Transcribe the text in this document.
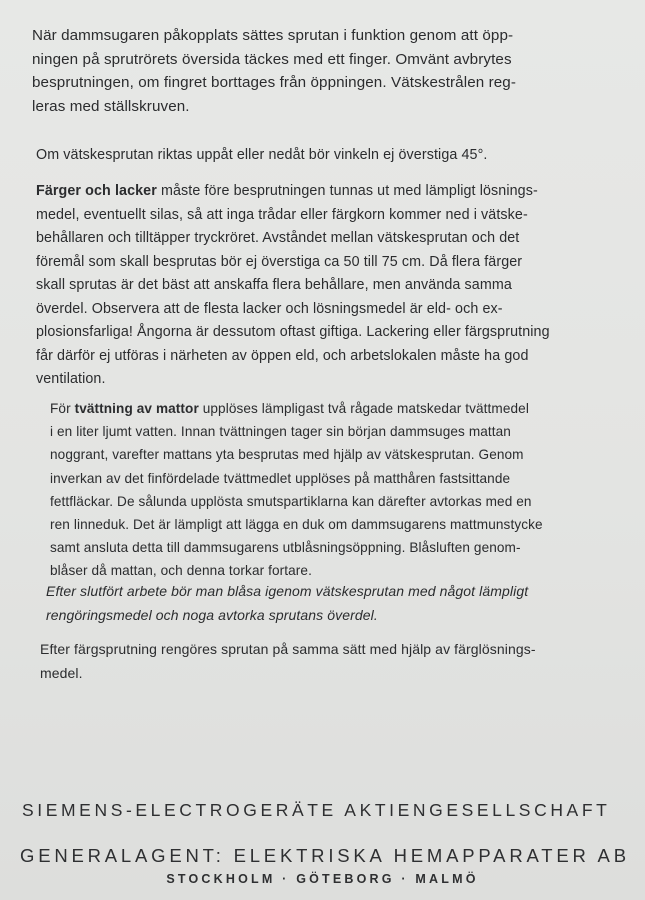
När dammsugaren påkopplats sättes sprutan i funktion genom att öpp-
ningen på sprutrörets översida täckes med ett finger. Omvänt avbrytes
besprutningen, om fingret borttages från öppningen. Vätskestrålen reg-
leras med ställskruven.
Om vätskesprutan riktas uppåt eller nedåt bör vinkeln ej överstiga 45°.
Färger och lacker måste före besprutningen tunnas ut med lämpligt lösnings-
medel, eventuellt silas, så att inga trådar eller färgkorn kommer ned i vätske-
behållaren och tilltäpper tryckröret. Avståndet mellan vätskesprutan och det
föremål som skall besprutas bör ej överstiga ca 50 till 75 cm. Då flera färger
skall sprutas är det bäst att anskaffa flera behållare, men använda samma
överdel. Observera att de flesta lacker och lösningsmedel är eld- och ex-
plosionsfarliga! Ångorna är dessutom oftast giftiga. Lackering eller färgsprutning
får därför ej utföras i närheten av öppen eld, och arbetslokalen måste ha god
ventilation.
För tvättning av mattor upplöses lämpligast två rågade matskedar tvättmedel
i en liter ljumt vatten. Innan tvättningen tager sin början dammsuges mattan
noggrant, varefter mattans yta besprutas med hjälp av vätskesprutan. Genom
inverkan av det finfördelade tvättmedlet upplöses på matthåren fastsittande
fettfläckar. De sålunda upplösta smutspartiklarna kan därefter avtorkas med en
ren linneduk. Det är lämpligt att lägga en duk om dammsugarens mattmunstycke
samt ansluta detta till dammsugarens utblåsningsöppning. Blåsluften genom-
blåser då mattan, och denna torkar fortare.
Efter slutfört arbete bör man blåsa igenom vätskesprutan med något lämpligt
rengöringsmedel och noga avtorka sprutans överdel.
Efter färgsprutning rengöres sprutan på samma sätt med hjälp av färglösnings-
medel.
SIEMENS-ELECTROGERÄTE AKTIENGESELLSCHAFT
GENERALAGENT: ELEKTRISKA HEMAPPARATER AB
STOCKHOLM · GÖTEBORG · MALMÖ
